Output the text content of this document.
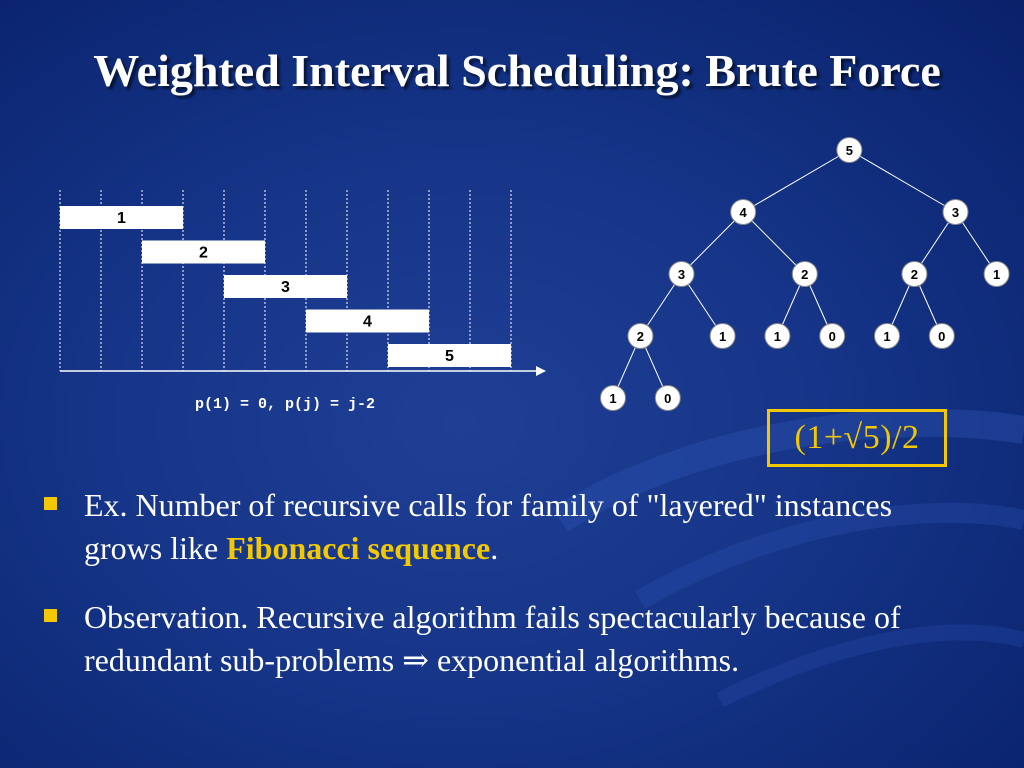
Weighted Interval Scheduling: Brute Force
1
2
3
4
5
p(1) = 0, p(j) = j-2	1	0
2	1
3
1	0
2
4
1	0
2	1
3
5
(1+√5)/2
Ex. Number of recursive calls for family of "layered" instances grows like Fibonacci sequence.
Observation. Recursive algorithm fails spectacularly because of redundant sub-problems ⇒ exponential algorithms.
